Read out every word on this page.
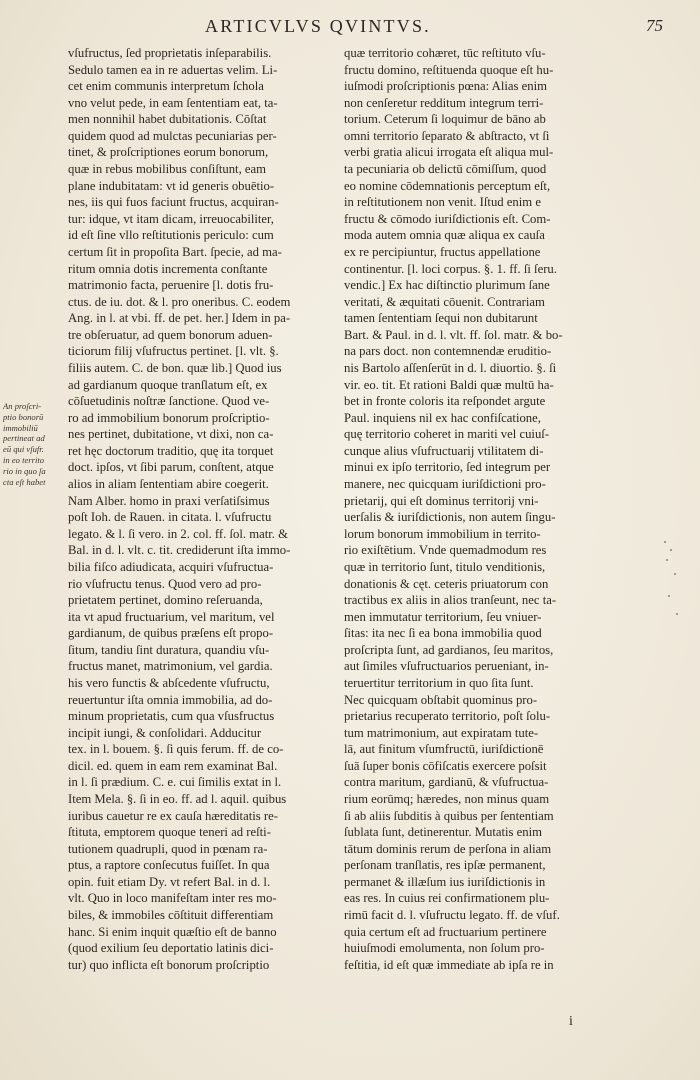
ARTICVLVS QVINTVS.	75
vſufructus, ſed proprietatis inſeparabilis.
Sedulo tamen ea in re aduertas velim. Li-
cet enim communis interpretum ſchola
vno velut pede, in eam ſententiam eat, ta-
men nonnihil habet dubitationis. Cōſtat
quidem quod ad mulctas pecuniarias per-
tinet, & proſcriptiones eorum bonorum,
quæ in rebus mobilibus conſiſtunt, eam
plane indubitatam: vt id generis obuētio-
nes, iis qui fuos faciunt fructus, acquiran-
tur: idque, vt itam dicam, irreuocabiliter,
id eſt ſine vllo reſtitutionis periculo: cum
certum ſit in propoſita Bart. ſpecie, ad ma-
ritum omnia dotis incrementa conſtante
matrimonio facta, peruenire [l. dotis fru-
ctus. de iu. dot. & l. pro oneribus. C. eodem
Ang. in l. at vbi. ff. de pet. her.] Idem in pa-
tre obſeruatur, ad quem bonorum aduen-
ticiorum filij vſufructus pertinet. [l. vlt. §.
filiis autem. C. de bon. quæ lib.] Quod ius
ad gardianum quoque tranſlatum eſt, ex
cōſuetudinis noſtræ ſanctione. Quod ve-
ro ad immobilium bonorum proſcriptio-
nes pertinet, dubitatione, vt dixi, non ca-
ret hęc doctorum traditio, quę ita torquet
doct. ipſos, vt ſibi parum, conſtent, atque
alios in aliam ſententiam abire coegerit.
Nam Alber. homo in praxi verſatiſsimus
poſt Ioh. de Rauen. in citata. l. vſufructu
legato. & l. ſi vero. in 2. col. ff. ſol. matr. &
Bal. in d. l. vlt. c. tit. crediderunt iſta immo-
bilia fiſco adiudicata, acquiri vſufructua-
rio vſufructu tenus. Quod vero ad pro-
prietatem pertinet, domino reſeruanda,
ita vt apud fructuarium, vel maritum, vel
gardianum, de quibus præſens eſt propo-
ſitum, tandiu ſint duratura, quandiu vſu-
fructus manet, matrimonium, vel gardia.
his vero functis & abſcedente vſufructu,
reuertuntur iſta omnia immobilia, ad do-
minum proprietatis, cum qua vſusfructus
incipit iungi, & conſolidari. Adducitur
tex. in l. bouem. §. ſi quis ferum. ff. de co-
dicil. ed. quem in eam rem examinat Bal.
in l. ſi prædium. C. e. cui ſimilis extat in l.
Item Mela. §. ſi in eo. ff. ad l. aquil. quibus
iuribus cauetur re ex cauſa hæreditatis re-
ſtituta, emptorem quoque teneri ad reſti-
tutionem quadrupli, quod in pœnam ra-
ptus, a raptore conſecutus fuiſſet. In qua
opin. fuit etiam Dy. vt refert Bal. in d. l.
vlt. Quo in loco manifeſtam inter res mo-
biles, & immobiles cōſtituit differentiam
hanc. Si enim inquit quæſtio eſt de banno
(quod exilium ſeu deportatio latinis dici-
tur) quo inflicta eſt bonorum proſcriptio
quæ territorio cohæret, tūc reſtituto vſu-
fructu domino, reſtituenda quoque eſt hu-
iuſmodi proſcriptionis pœna: Alias enim
non cenſeretur redditum integrum terri-
torium. Ceterum ſi loquimur de bāno ab
omni territorio ſeparato & abſtracto, vt ſi
verbi gratia alicui irrogata eſt aliqua mul-
ta pecuniaria ob delictū cōmiſſum, quod
eo nomine cōdemnationis perceptum eſt,
in reſtitutionem non venit. Iſtud enim e
fructu & cōmodo iuriſdictionis eſt. Com-
moda autem omnia quæ aliqua ex cauſa
ex re percipiuntur, fructus appellatione
continentur. [l. loci corpus. §. 1. ff. ſi ſeru.
vendic.] Ex hac diſtinctio plurimum ſane
veritati, & æquitati cōuenit. Contrariam
tamen ſententiam ſequi non dubitarunt
Bart. & Paul. in d. l. vlt. ff. ſol. matr. & bo-
na pars doct. non contemnendæ eruditio-
nis Bartolo aſſenſerūt in d. l. diuortio. §. ſi
vir. eo. tit. Et rationi Baldi quæ multū ha-
bet in fronte coloris ita reſpondet argute
Paul. inquiens nil ex hac confiſcatione,
quę territorio coheret in mariti vel cuiuſ-
cunque alius vſufructuarij vtilitatem di-
minui ex ipſo territorio, ſed integrum per
manere, nec quicquam iuriſdictioni pro-
prietarij, qui eſt dominus territorij vni-
uerſalis & iuriſdictionis, non autem ſingu-
lorum bonorum immobilium in territo-
rio exiſtētium. Vnde quemadmodum res
quæ in territorio ſunt, titulo venditionis,
donationis & cęt. ceteris priuatorum con
tractibus ex aliis in alios tranſeunt, nec ta-
men immutatur territorium, ſeu vniuer-
ſitas: ita nec ſi ea bona immobilia quod
proſcripta ſunt, ad gardianos, ſeu maritos,
aut ſimiles vſufructuarios perueniant, in-
teruertitur territorium in quo ſita ſunt.
Nec quicquam obſtabit quominus pro-
prietarius recuperato territorio, poſt ſolu-
tum matrimonium, aut expiratam tute-
lā, aut finitum vſumfructū, iuriſdictionē
ſuā ſuper bonis cōfiſcatis exercere poſsit
contra maritum, gardianū, & vſufructua-
rium eorūmq; hæredes, non minus quam
ſi ab aliis ſubditis à quibus per ſententiam
ſublata ſunt, detinerentur. Mutatis enim
tātum dominis rerum de perſona in aliam
perſonam tranſlatis, res ipſæ permanent,
permanet & illæſum ius iuriſdictionis in
eas res. In cuius rei confirmationem plu-
rimū facit d. l. vſufructu legato. ff. de vſuf.
quia certum eſt ad fructuarium pertinere
huiuſmodi emolumenta, non ſolum pro-
feſtitia, id eſt quæ immediate ab ipſa re in
An proſcri-
ptio bonorū
immobiliū
pertineat ad
eū qui vſufr.
in eo territo
rio in quo ſa
cta eſt habet
i
